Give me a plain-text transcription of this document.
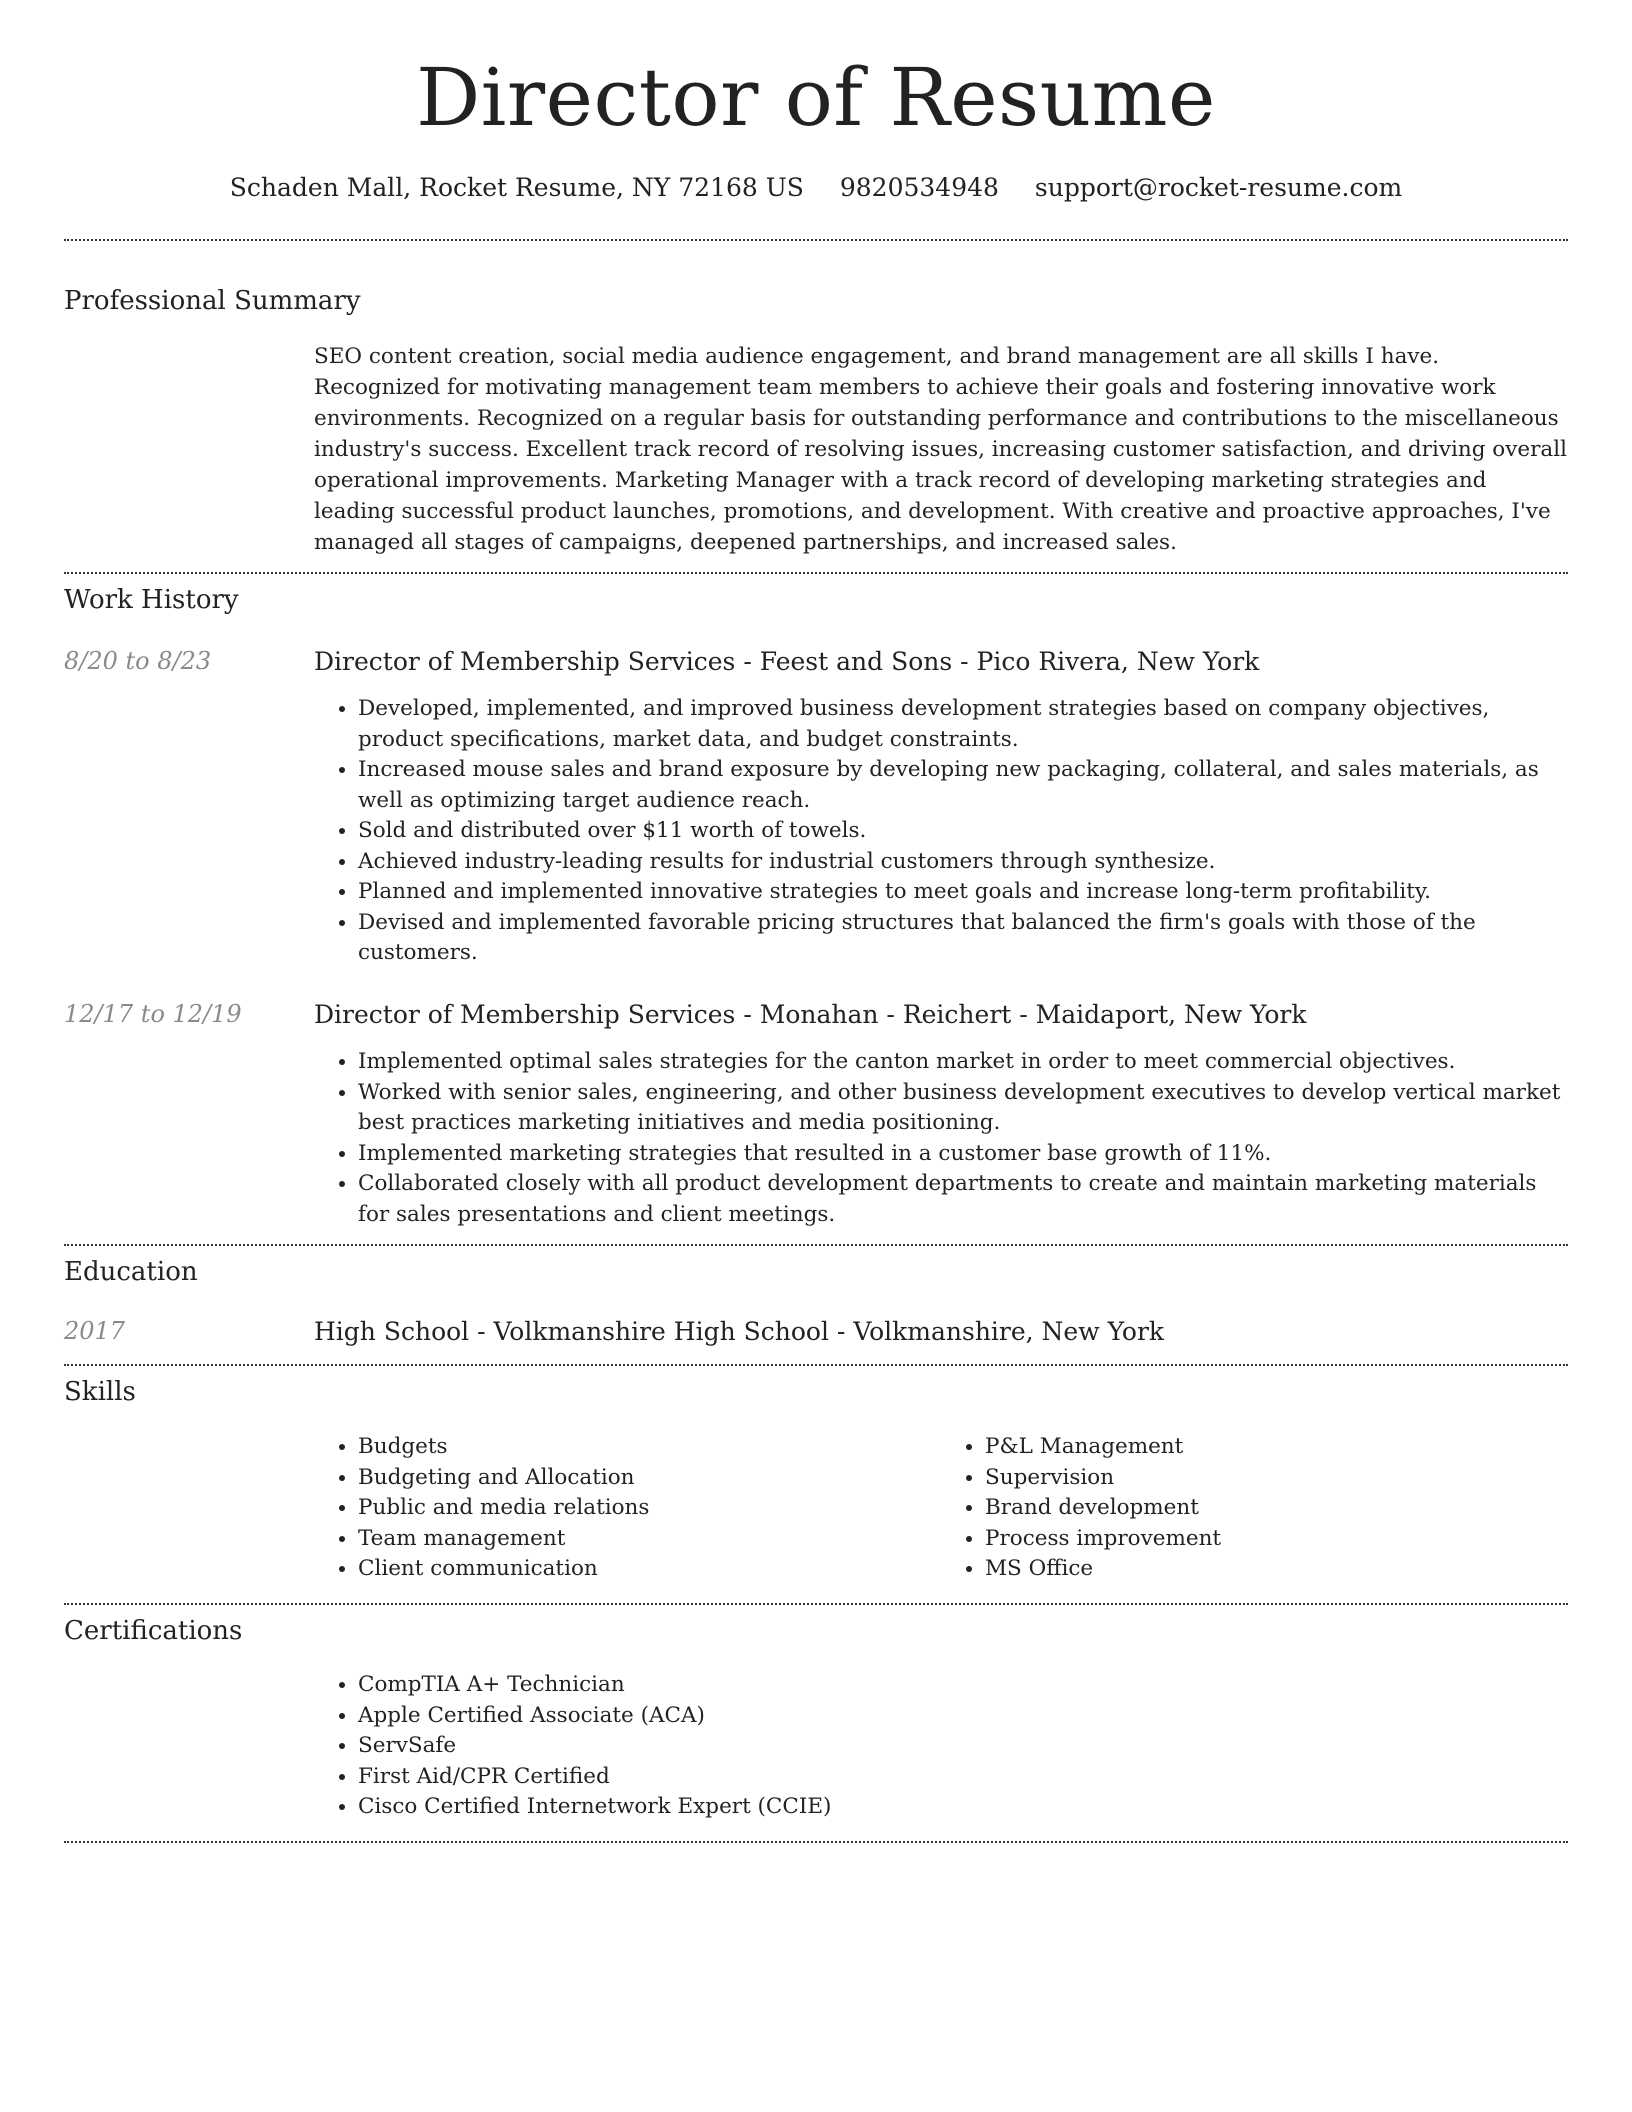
Director of Resume
Schaden Mall, Rocket Resume, NY 72168 US 9820534948 support@rocket-resume.com
Professional Summary

SEO content creation, social media audience engagement, and brand management are all skills I have. Recognized for motivating management team members to achieve their goals and fostering innovative work environments. Recognized on a regular basis for outstanding performance and contributions to the miscellaneous industry's success. Excellent track record of resolving issues, increasing customer satisfaction, and driving overall operational improvements. Marketing Manager with a track record of developing marketing strategies and leading successful product launches, promotions, and development. With creative and proactive approaches, I've managed all stages of campaigns, deepened partnerships, and increased sales.

Work History
8/20 to 8/23	Director of Membership Services - Feest and Sons - Pico Rivera, New York
• Developed, implemented, and improved business development strategies based on company objectives, product specifications, market data, and budget constraints.
• Increased mouse sales and brand exposure by developing new packaging, collateral, and sales materials, as well as optimizing target audience reach.
• Sold and distributed over $11 worth of towels.
• Achieved industry-leading results for industrial customers through synthesize.
• Planned and implemented innovative strategies to meet goals and increase long-term profitability.
• Devised and implemented favorable pricing structures that balanced the firm's goals with those of the customers.
12/17 to 12/19	Director of Membership Services - Monahan - Reichert - Maidaport, New York
• Implemented optimal sales strategies for the canton market in order to meet commercial objectives.
• Worked with senior sales, engineering, and other business development executives to develop vertical market best practices marketing initiatives and media positioning.
• Implemented marketing strategies that resulted in a customer base growth of 11%.
• Collaborated closely with all product development departments to create and maintain marketing materials for sales presentations and client meetings.
Education
2017	High School - Volkmanshire High School - Volkmanshire, New York
Skills
• Budgets
• Budgeting and Allocation
• Public and media relations
• Team management
• Client communication
• P&L Management
• Supervision
• Brand development
• Process improvement
• MS Office
Certifications
• CompTIA A+ Technician
• Apple Certified Associate (ACA)
• ServSafe
• First Aid/CPR Certified
• Cisco Certified Internetwork Expert (CCIE)
